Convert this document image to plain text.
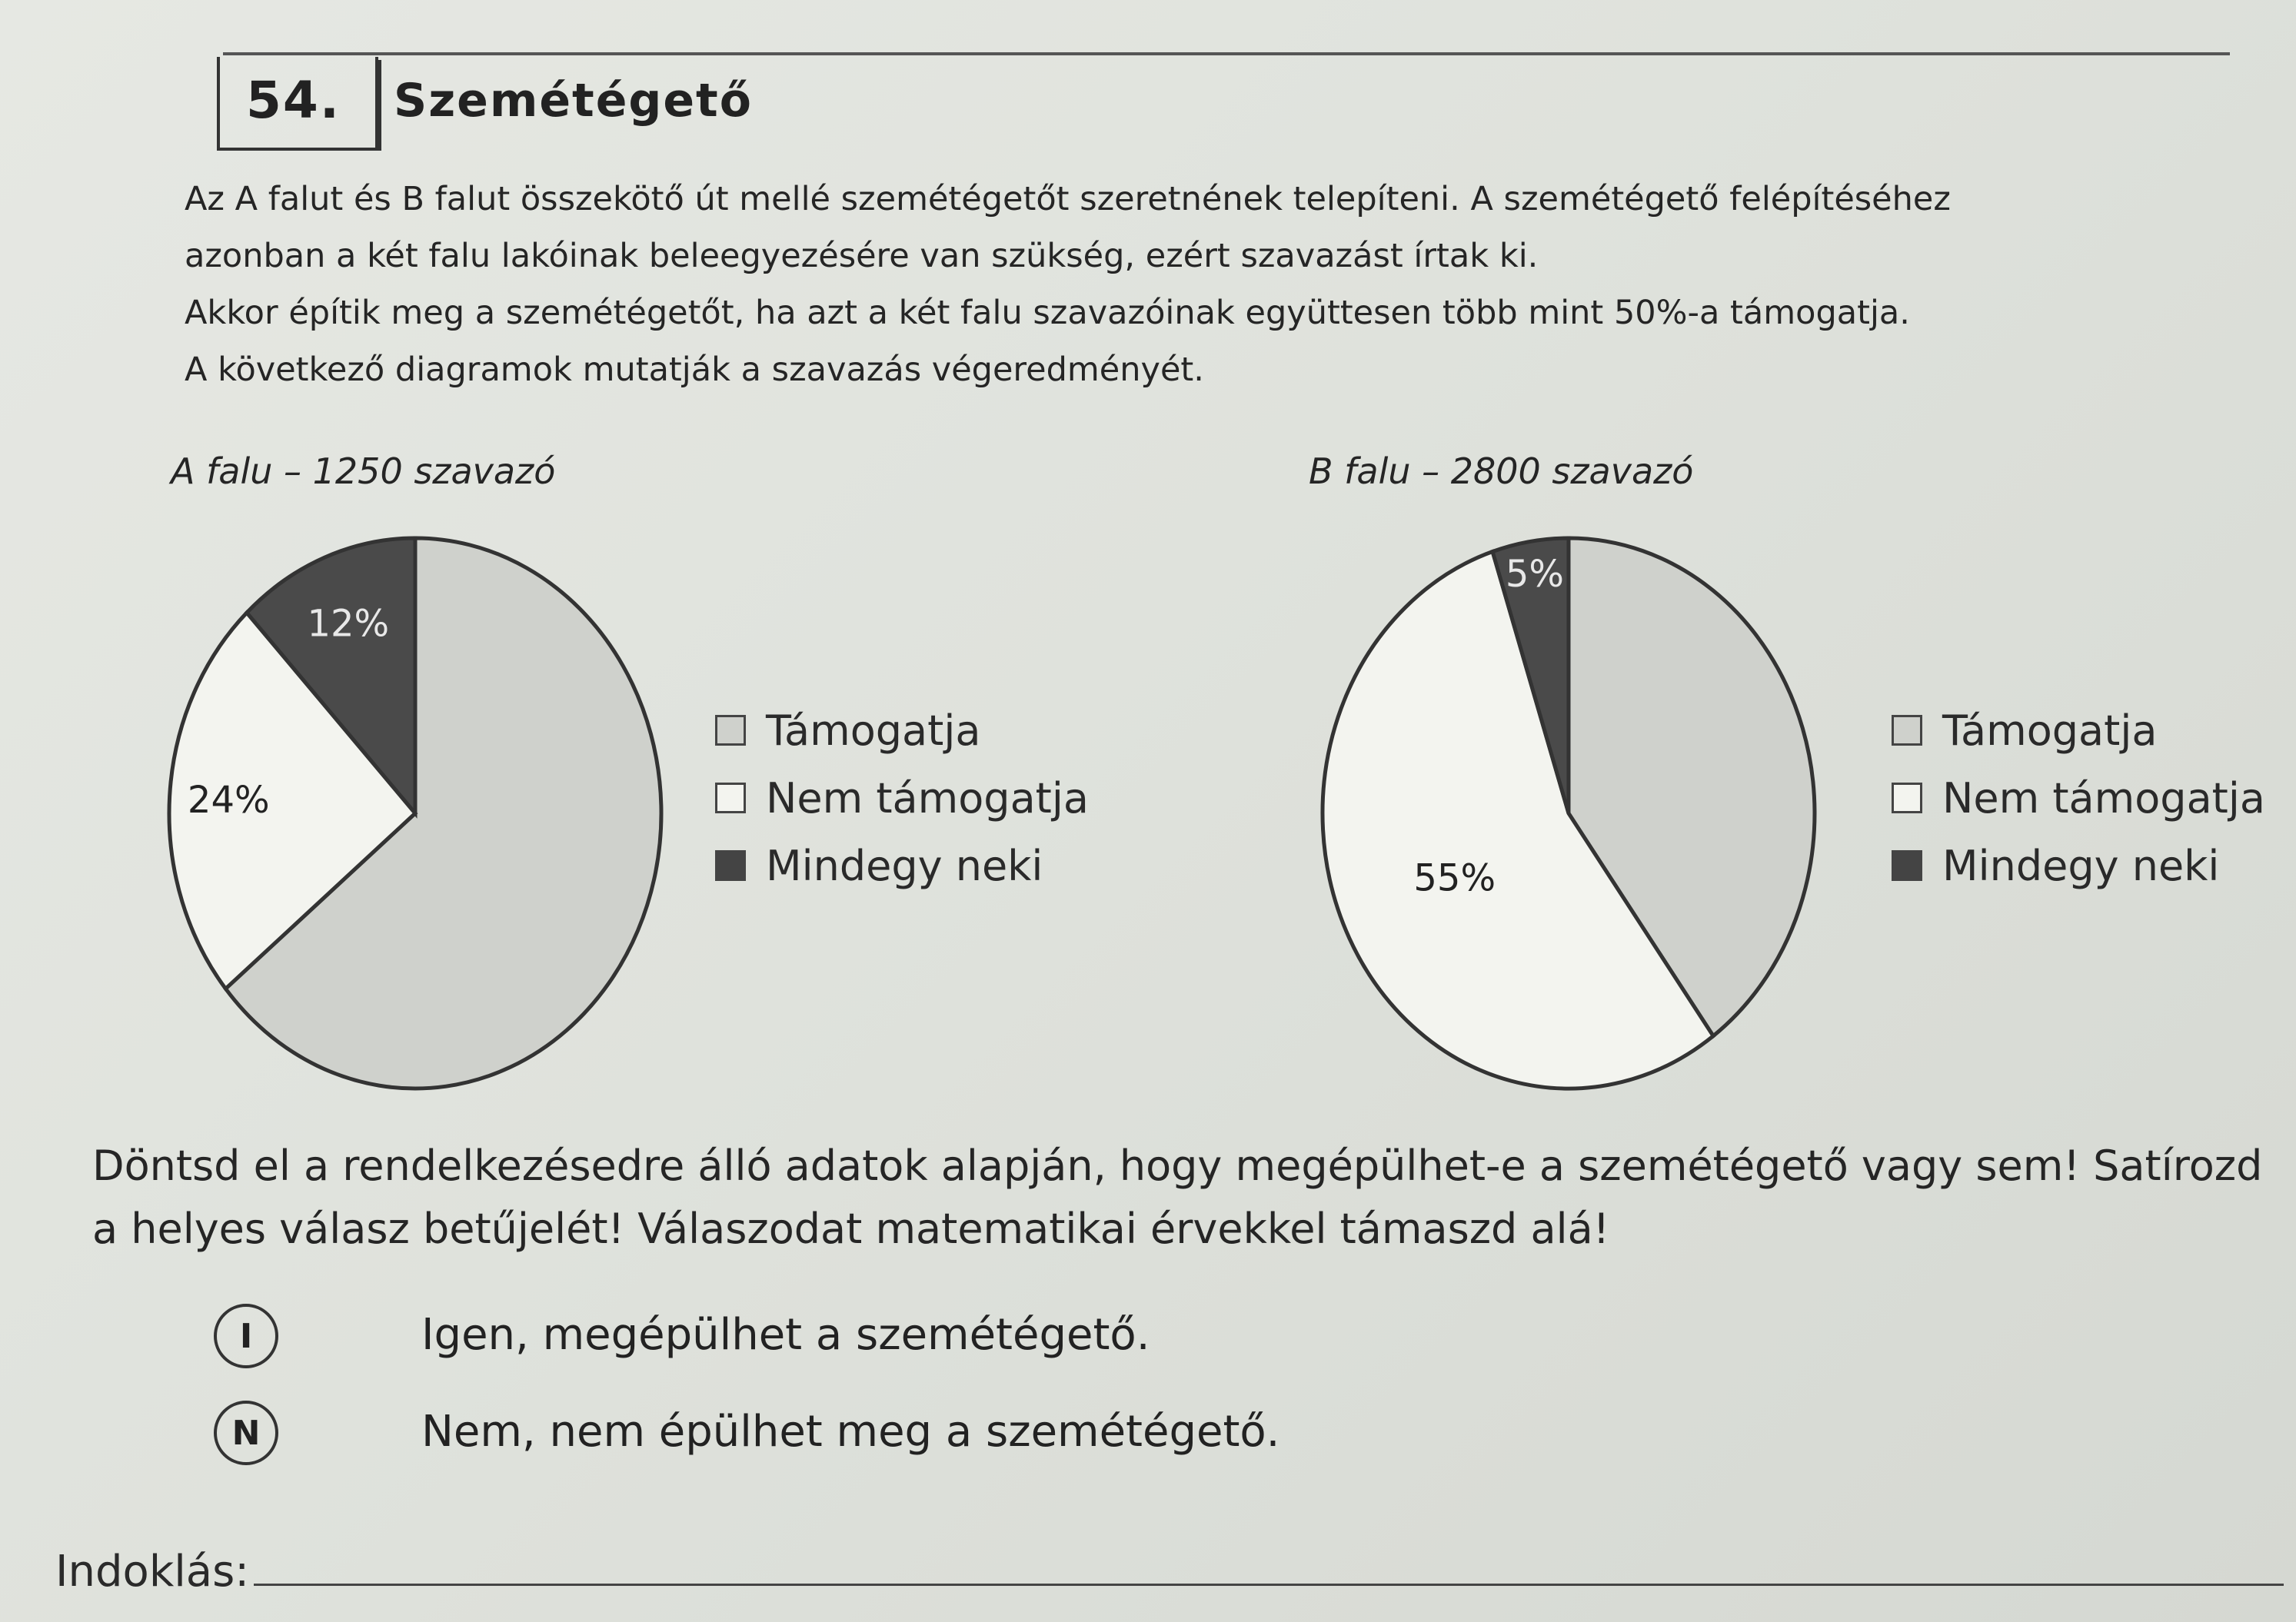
54. Szemétégető
Az A falut és B falut összekötő út mellé szemétégetőt szeretnének telepíteni. A szemétégető felépítéséhez
azonban a két falu lakóinak beleegyezésére van szükség, ezért szavazást írtak ki.
Akkor építik meg a szemétégetőt, ha azt a két falu szavazóinak együttesen több mint 50%-a támogatja.
A következő diagramok mutatják a szavazás végeredményét.
A falu – 1250 szavazó
24%
12%
Támogatja
Nem támogatja
Mindegy neki
B falu – 2800 szavazó
55%
5%
Támogatja
Nem támogatja
Mindegy neki
Döntsd el a rendelkezésedre álló adatok alapján, hogy megépülhet-e a szemétégető vagy sem! Satírozd
a helyes válasz betűjelét! Válaszodat matematikai érvekkel támaszd alá!
I	Igen, megépülhet a szemétégető.
N	Nem, nem épülhet meg a szemétégető.
Indoklás:
